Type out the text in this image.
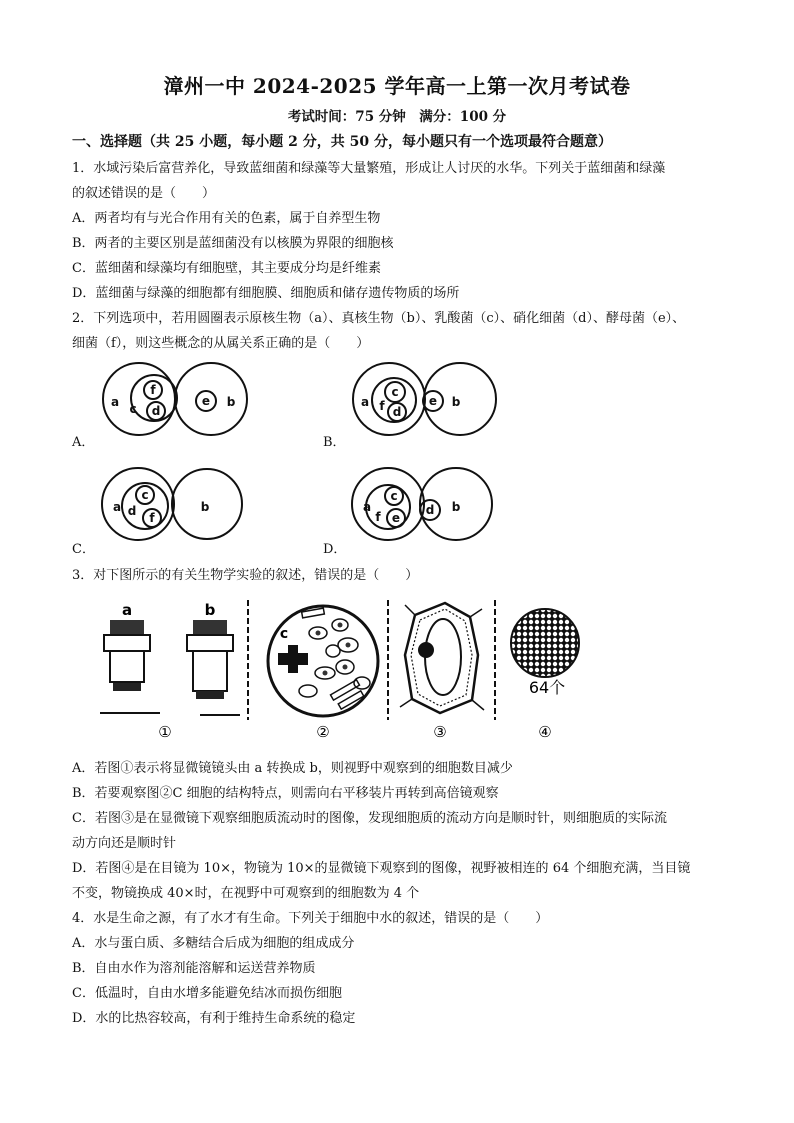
漳州一中 2024-2025 学年高一上第一次月考试卷
考试时间：75 分钟　满分：100 分
一、选择题（共 25 小题，每小题 2 分，共 50 分，每小题只有一个选项最符合题意）
1．水域污染后富营养化，导致蓝细菌和绿藻等大量繁殖，形成让人讨厌的水华。下列关于蓝细菌和绿藻
的叙述错误的是（　　）
A．两者均有与光合作用有关的色素，属于自养型生物
B．两者的主要区别是蓝细菌没有以核膜为界限的细胞核
C．蓝细菌和绿藻均有细胞壁，其主要成分均是纤维素
D．蓝细菌与绿藻的细胞都有细胞膜、细胞质和储存遗传物质的场所
2．下列选项中，若用圆圈表示原核生物（a）、真核生物（b）、乳酸菌（c）、硝化细菌（d）、酵母菌（e）、
细菌（f），则这些概念的从属关系正确的是（　　）
A．	B．
C．	D．
a c
f
d
e b	a f
c
d
e b
a d
c
f
b	a
f
c
e
d b
3．对下图所示的有关生物学实验的叙述，错误的是（　　）
a	b
①
c
②	③
64个
④
A．若图①表示将显微镜镜头由 a 转换成 b，则视野中观察到的细胞数目减少
B．若要观察图②C 细胞的结构特点，则需向右平移装片再转到高倍镜观察
C．若图③是在显微镜下观察细胞质流动时的图像，发现细胞质的流动方向是顺时针，则细胞质的实际流
动方向还是顺时针
D．若图④是在目镜为 10×，物镜为 10×的显微镜下观察到的图像，视野被相连的 64 个细胞充满，当目镜
不变，物镜换成 40×时，在视野中可观察到的细胞数为 4 个
4．水是生命之源，有了水才有生命。下列关于细胞中水的叙述，错误的是（　　）
A．水与蛋白质、多糖结合后成为细胞的组成成分
B．自由水作为溶剂能溶解和运送营养物质
C．低温时，自由水增多能避免结冰而损伤细胞
D．水的比热容较高，有利于维持生命系统的稳定
